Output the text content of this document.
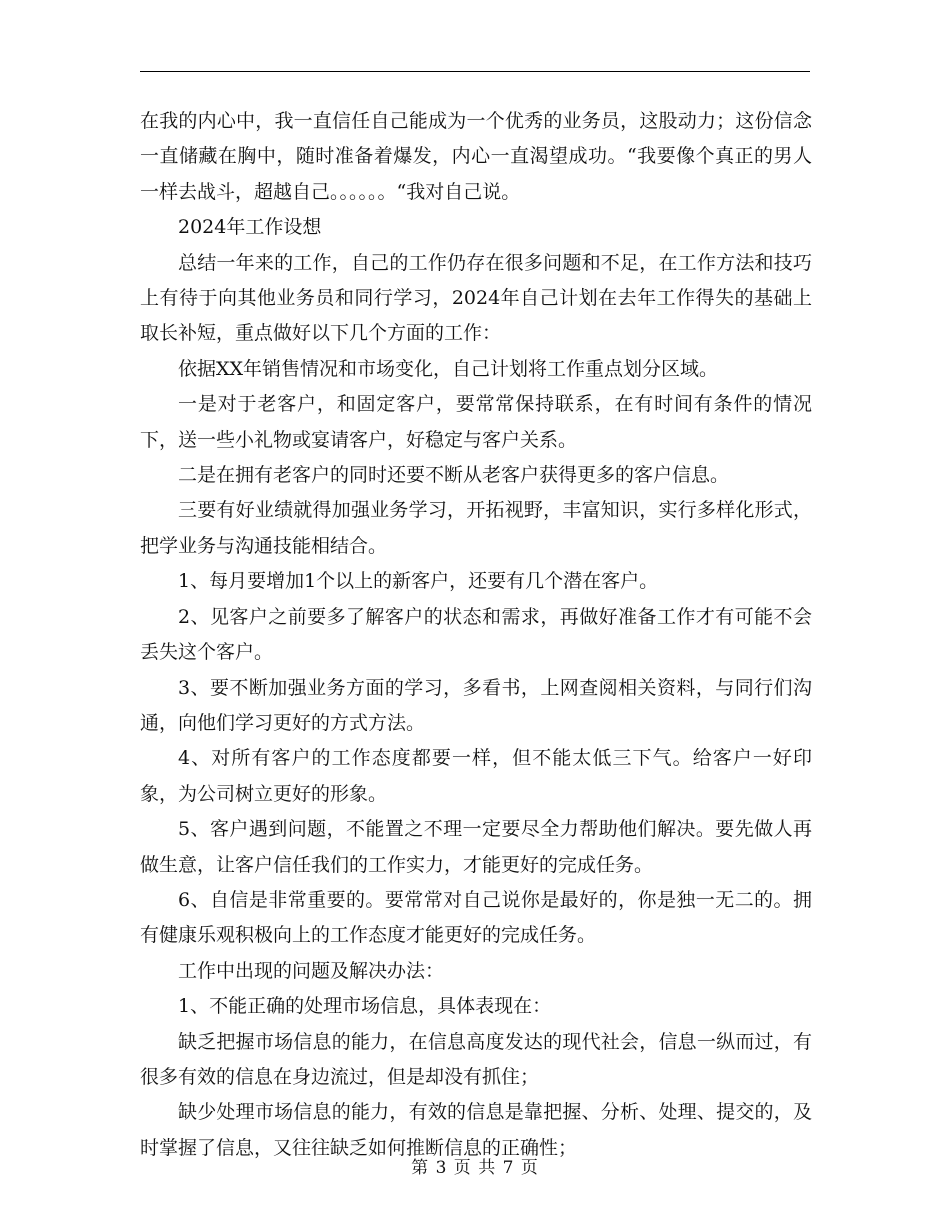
在我的内心中，我一直信任自己能成为一个优秀的业务员，这股动力；这份信念一直储藏在胸中，随时准备着爆发，内心一直渴望成功。“我要像个真正的男人一样去战斗，超越自己。。。。。。“我对自己说。

2024年工作设想

总结一年来的工作，自己的工作仍存在很多问题和不足，在工作方法和技巧上有待于向其他业务员和同行学习，2024年自己计划在去年工作得失的基础上取长补短，重点做好以下几个方面的工作：

依据XX年销售情况和市场变化，自己计划将工作重点划分区域。

一是对于老客户，和固定客户，要常常保持联系，在有时间有条件的情况下，送一些小礼物或宴请客户，好稳定与客户关系。

二是在拥有老客户的同时还要不断从老客户获得更多的客户信息。

三要有好业绩就得加强业务学习，开拓视野，丰富知识，实行多样化形式，把学业务与沟通技能相结合。

1、每月要增加1个以上的新客户，还要有几个潜在客户。

2、见客户之前要多了解客户的状态和需求，再做好准备工作才有可能不会丢失这个客户。

3、要不断加强业务方面的学习，多看书，上网查阅相关资料，与同行们沟通，向他们学习更好的方式方法。

4、对所有客户的工作态度都要一样，但不能太低三下气。给客户一好印象，为公司树立更好的形象。

5、客户遇到问题，不能置之不理一定要尽全力帮助他们解决。要先做人再做生意，让客户信任我们的工作实力，才能更好的完成任务。

6、自信是非常重要的。要常常对自己说你是最好的，你是独一无二的。拥有健康乐观积极向上的工作态度才能更好的完成任务。

工作中出现的问题及解决办法：

1、不能正确的处理市场信息，具体表现在：

缺乏把握市场信息的能力，在信息高度发达的现代社会，信息一纵而过，有很多有效的信息在身边流过，但是却没有抓住；

缺少处理市场信息的能力，有效的信息是靠把握、分析、处理、提交的，及时掌握了信息，又往往缺乏如何推断信息的正确性；

第 3 页 共 7 页
